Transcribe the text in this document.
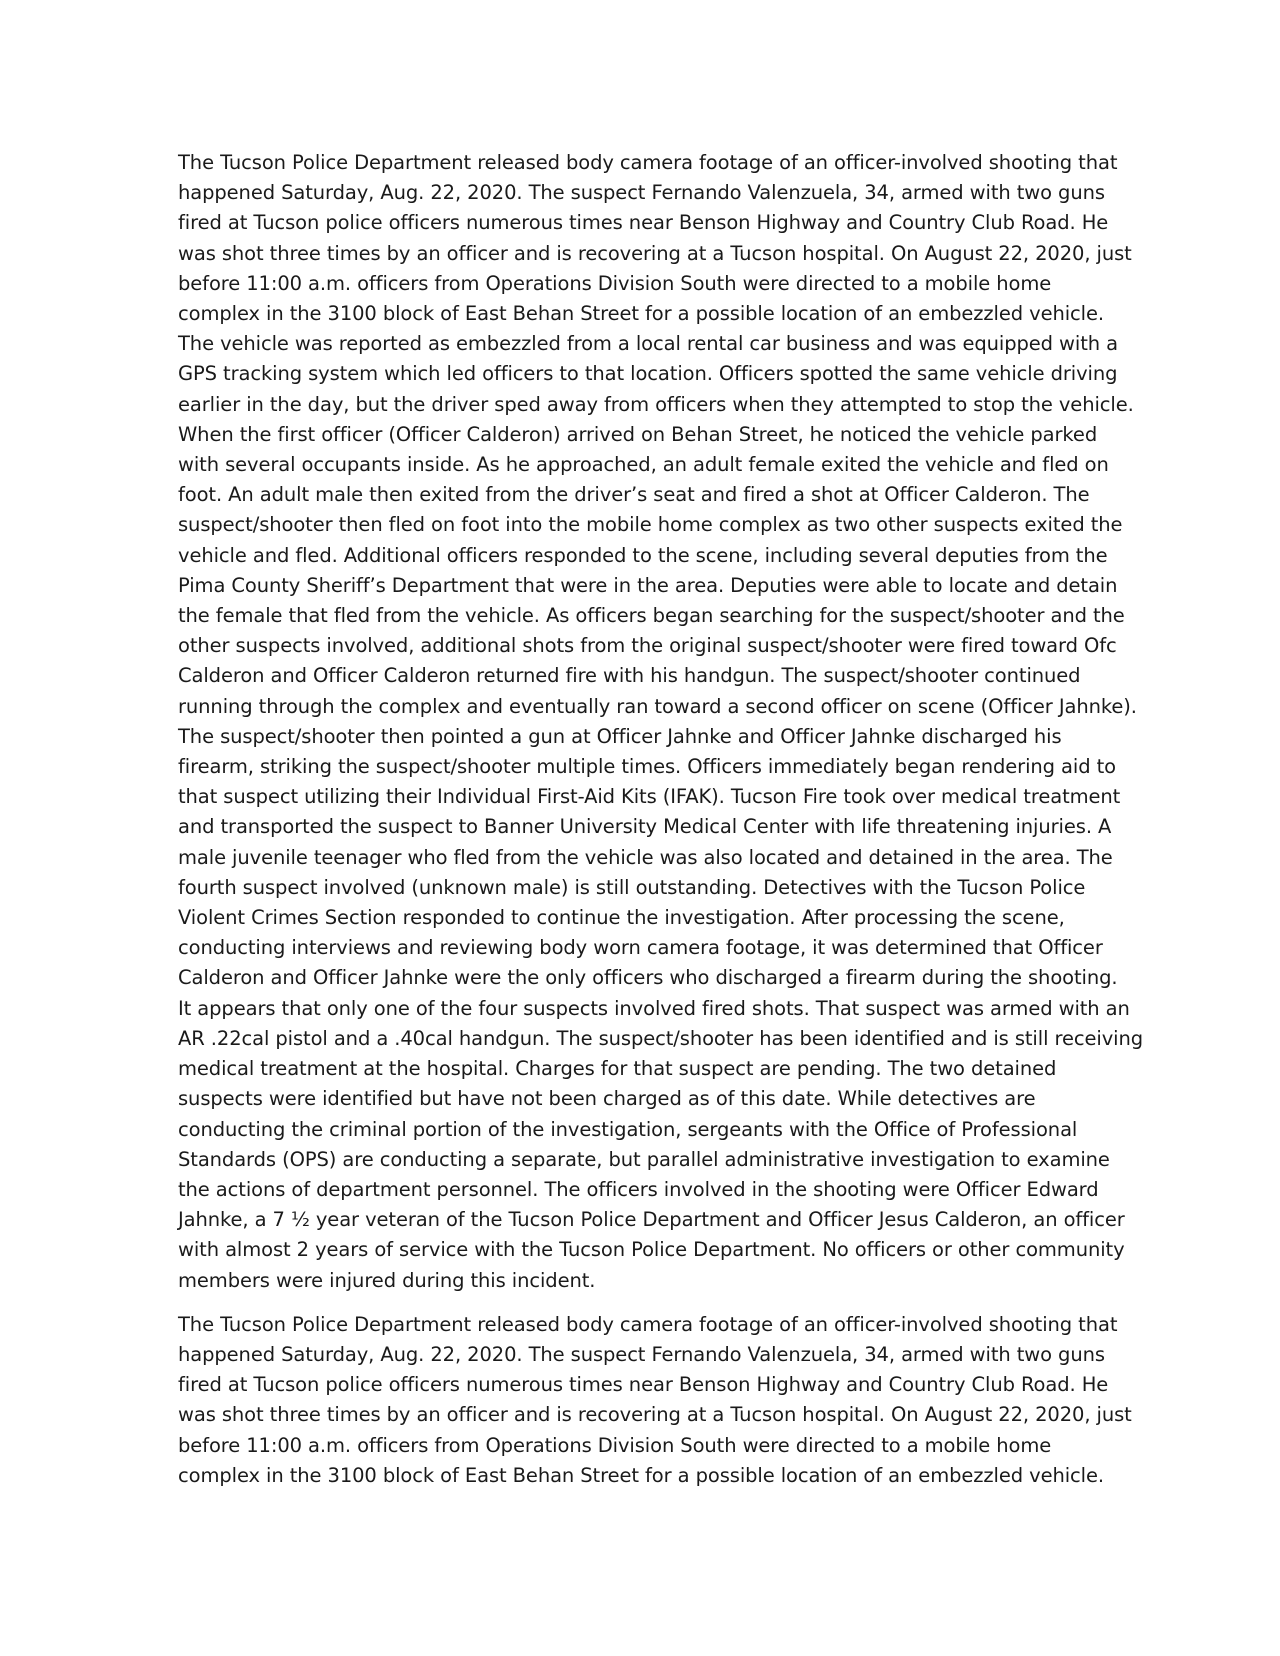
The Tucson Police Department released body camera footage of an officer-involved shooting that
happened Saturday, Aug. 22, 2020. The suspect Fernando Valenzuela, 34, armed with two guns
fired at Tucson police officers numerous times near Benson Highway and Country Club Road. He
was shot three times by an officer and is recovering at a Tucson hospital. On August 22, 2020, just
before 11:00 a.m. officers from Operations Division South were directed to a mobile home
complex in the 3100 block of East Behan Street for a possible location of an embezzled vehicle.
The vehicle was reported as embezzled from a local rental car business and was equipped with a
GPS tracking system which led officers to that location. Officers spotted the same vehicle driving
earlier in the day, but the driver sped away from officers when they attempted to stop the vehicle.
When the first officer (Officer Calderon) arrived on Behan Street, he noticed the vehicle parked
with several occupants inside. As he approached, an adult female exited the vehicle and fled on
foot. An adult male then exited from the driver’s seat and fired a shot at Officer Calderon. The
suspect/shooter then fled on foot into the mobile home complex as two other suspects exited the
vehicle and fled. Additional officers responded to the scene, including several deputies from the
Pima County Sheriff’s Department that were in the area. Deputies were able to locate and detain
the female that fled from the vehicle. As officers began searching for the suspect/shooter and the
other suspects involved, additional shots from the original suspect/shooter were fired toward Ofc
Calderon and Officer Calderon returned fire with his handgun. The suspect/shooter continued
running through the complex and eventually ran toward a second officer on scene (Officer Jahnke).
The suspect/shooter then pointed a gun at Officer Jahnke and Officer Jahnke discharged his
firearm, striking the suspect/shooter multiple times. Officers immediately began rendering aid to
that suspect utilizing their Individual First-Aid Kits (IFAK). Tucson Fire took over medical treatment
and transported the suspect to Banner University Medical Center with life threatening injuries. A
male juvenile teenager who fled from the vehicle was also located and detained in the area. The
fourth suspect involved (unknown male) is still outstanding. Detectives with the Tucson Police
Violent Crimes Section responded to continue the investigation. After processing the scene,
conducting interviews and reviewing body worn camera footage, it was determined that Officer
Calderon and Officer Jahnke were the only officers who discharged a firearm during the shooting.
It appears that only one of the four suspects involved fired shots. That suspect was armed with an
AR .22cal pistol and a .40cal handgun. The suspect/shooter has been identified and is still receiving
medical treatment at the hospital. Charges for that suspect are pending. The two detained
suspects were identified but have not been charged as of this date. While detectives are
conducting the criminal portion of the investigation, sergeants with the Office of Professional
Standards (OPS) are conducting a separate, but parallel administrative investigation to examine
the actions of department personnel. The officers involved in the shooting were Officer Edward
Jahnke, a 7 ½ year veteran of the Tucson Police Department and Officer Jesus Calderon, an officer
with almost 2 years of service with the Tucson Police Department. No officers or other community
members were injured during this incident.

The Tucson Police Department released body camera footage of an officer-involved shooting that
happened Saturday, Aug. 22, 2020. The suspect Fernando Valenzuela, 34, armed with two guns
fired at Tucson police officers numerous times near Benson Highway and Country Club Road. He
was shot three times by an officer and is recovering at a Tucson hospital. On August 22, 2020, just
before 11:00 a.m. officers from Operations Division South were directed to a mobile home
complex in the 3100 block of East Behan Street for a possible location of an embezzled vehicle.
